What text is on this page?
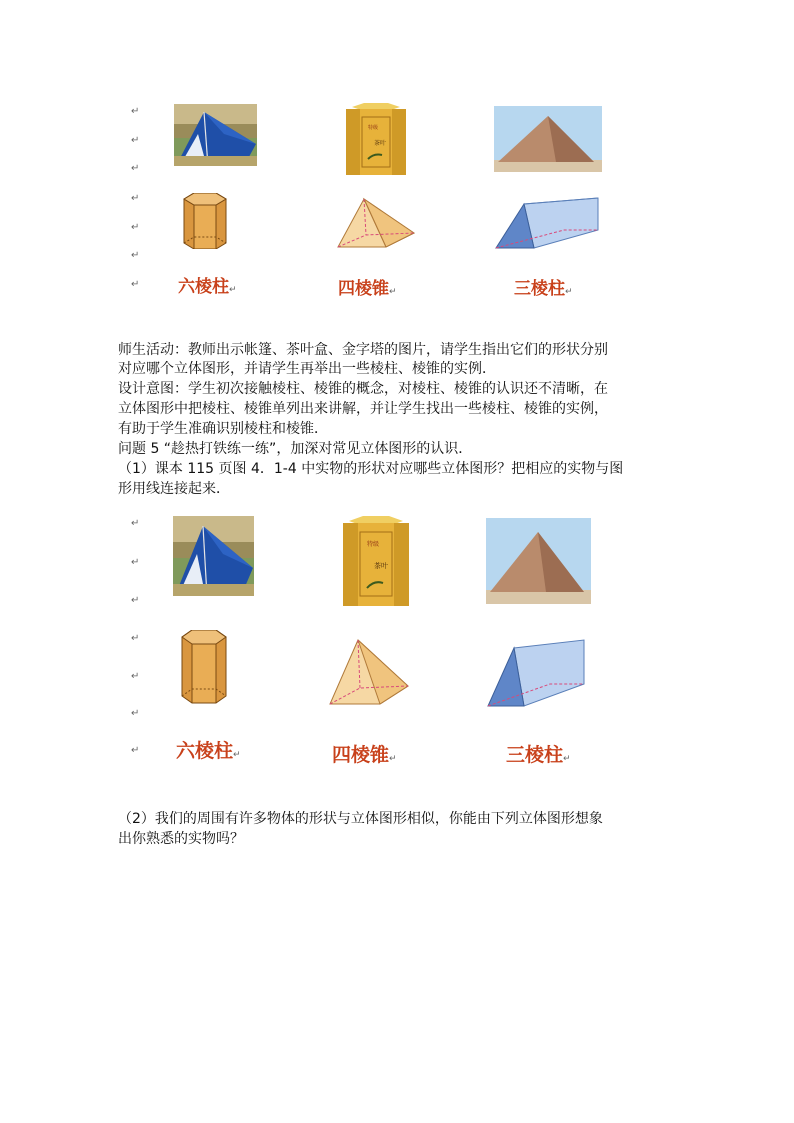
↵
↵
↵
↵
↵
↵
↵
特级
茶叶
六棱柱↵	四棱锥↵	三棱柱↵
师生活动：教师出示帐篷、茶叶盒、金字塔的图片，请学生指出它们的形状分别
对应哪个立体图形，并请学生再举出一些棱柱、棱锥的实例．
设计意图：学生初次接触棱柱、棱锥的概念，对棱柱、棱锥的认识还不清晰，在
立体图形中把棱柱、棱锥单列出来讲解，并让学生找出一些棱柱、棱锥的实例，
有助于学生准确识别棱柱和棱锥．
问题 5 “趁热打铁练一练”，加深对常见立体图形的认识．
（1）课本 115 页图 4．1-4 中实物的形状对应哪些立体图形？把相应的实物与图
形用线连接起来．
↵
↵
↵
↵
↵
↵
↵
特级
茶叶
六棱柱↵	四棱锥↵	三棱柱↵
（2）我们的周围有许多物体的形状与立体图形相似，你能由下列立体图形想象
出你熟悉的实物吗？
